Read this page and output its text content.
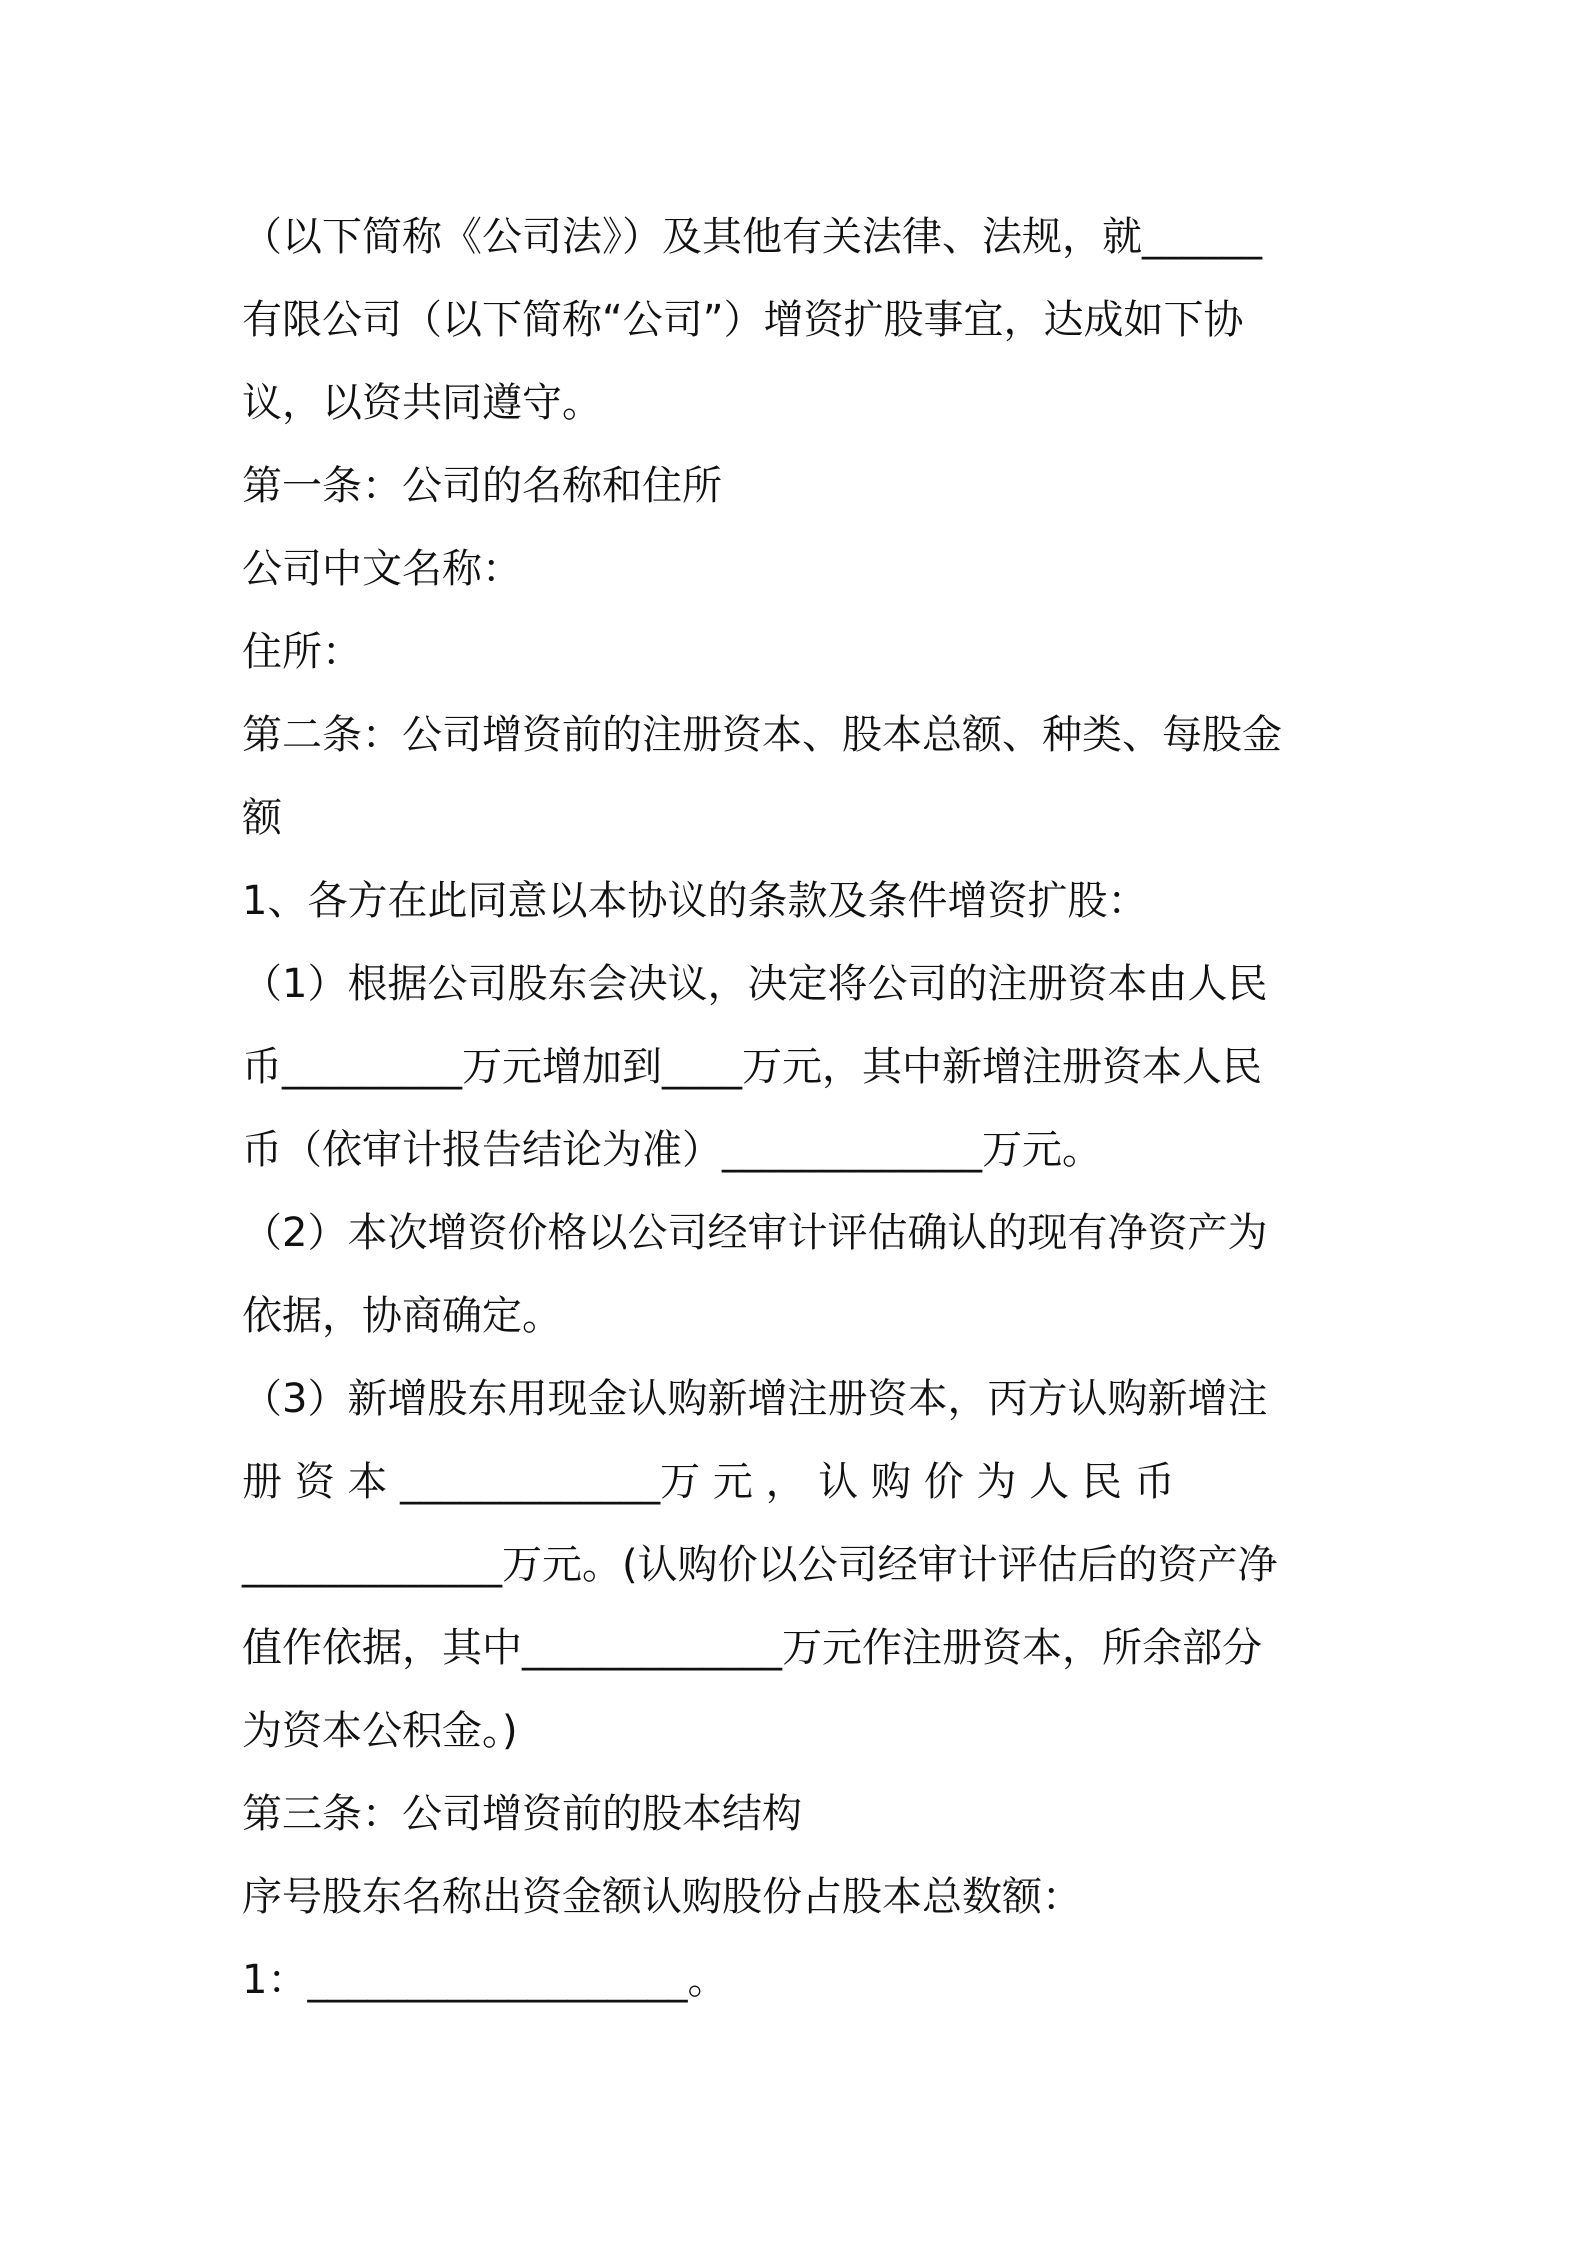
（以下简称《公司法》）及其他有关法律、法规，就______
有限公司（以下简称“公司”）增资扩股事宜，达成如下协
议，以资共同遵守。
第一条：公司的名称和住所
公司中文名称：
住所：
第二条：公司增资前的注册资本、股本总额、种类、每股金
额
1、各方在此同意以本协议的条款及条件增资扩股：
（1）根据公司股东会决议，决定将公司的注册资本由人民
币_________万元增加到____万元，其中新增注册资本人民
币（依审计报告结论为准）_____________万元。
（2）本次增资价格以公司经审计评估确认的现有净资产为
依据，协商确定。
（3）新增股东用现金认购新增注册资本，丙方认购新增注
册 资 本 _____________万 元 ， 认 购 价 为 人 民 币
_____________万元。(认购价以公司经审计评估后的资产净
值作依据，其中_____________万元作注册资本，所余部分
为资本公积金。)
第三条：公司增资前的股本结构
序号股东名称出资金额认购股份占股本总数额：
1：___________________。
